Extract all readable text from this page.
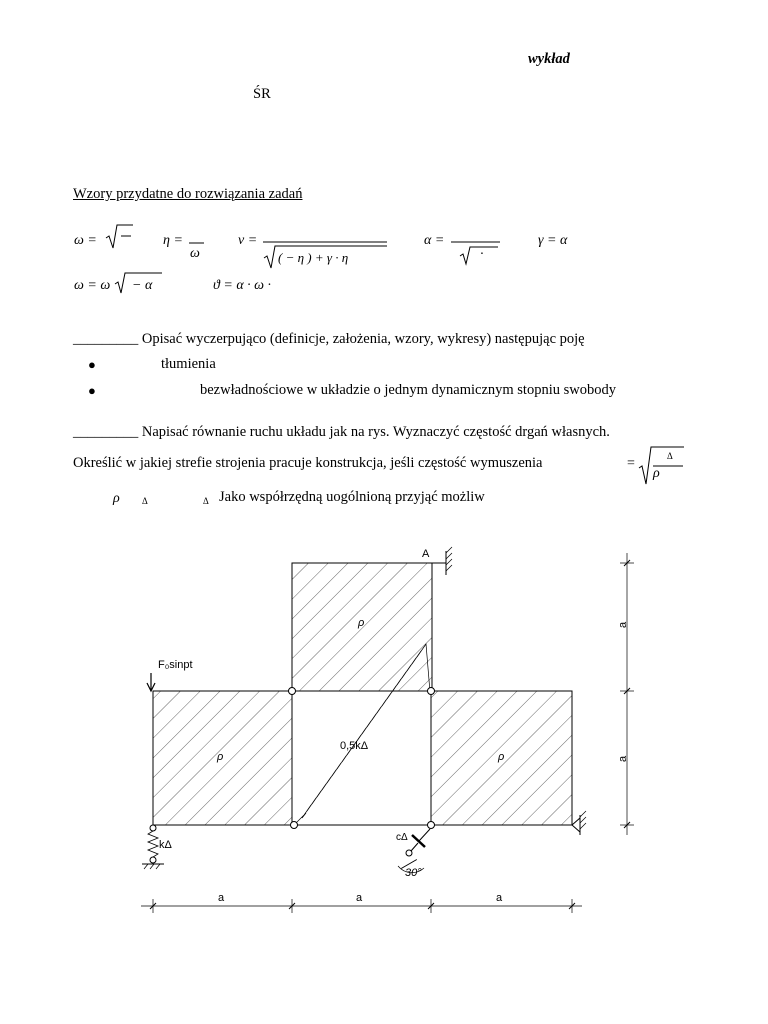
wykład
ŚR
Wzory przydatne do rozwiązania zadań
ω =	η =
ω
ν =
( − η ) + γ · η
α =
·
γ = α
ω = ω − α	ϑ = α · ω ·
_________ Opisać wyczerpująco (definicje, założenia, wzory, wykresy) następując poję
●	tłumienia
●	bezwładnościowe w układzie o jednym dynamicznym stopniu swobody
_________ Napisać równanie ruchu układu jak na rys. Wyznaczyć częstość drgań własnych.
Określić w jakiej strefie strojenia pracuje konstrukcja, jeśli częstość wymuszenia	=	Δ
ρ
ρ Δ	Δ Jako współrzędną uogólnioną przyjąć możliw
A
F₀sinpt
ρ
ρ	ρ
0,5kΔ
kΔ
cΔ
30°
a	a	a
a
a
